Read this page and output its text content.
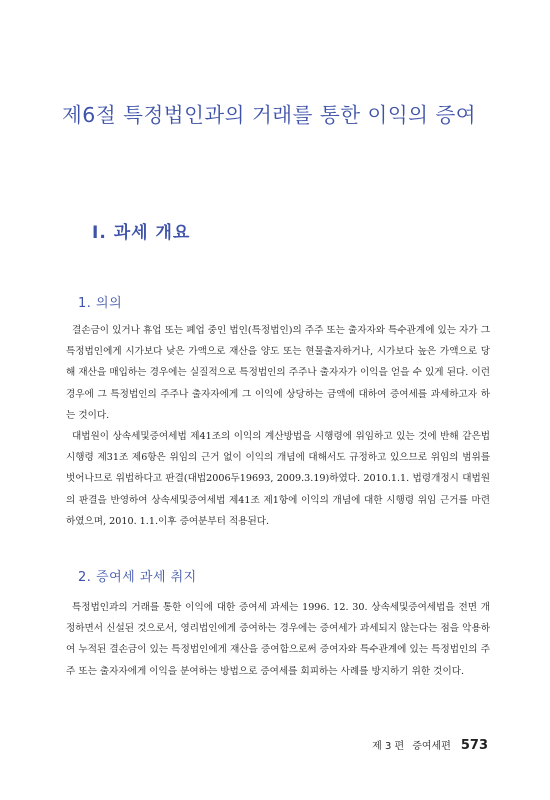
제6절 특정법인과의 거래를 통한 이익의 증여
Ⅰ. 과세 개요
1. 의의

결손금이 있거나 휴업 또는 폐업 중인 법인(특정법인)의 주주 또는 출자자와 특수관계에 있는 자가 그 특정법인에게 시가보다 낮은 가액으로 재산을 양도 또는 현물출자하거나, 시가보다 높은 가액으로 당해 재산을 매입하는 경우에는 실질적으로 특정법인의 주주나 출자자가 이익을 얻을 수 있게 된다. 이런 경우에 그 특정법인의 주주나 출자자에게 그 이익에 상당하는 금액에 대하여 증여세를 과세하고자 하는 것이다.

대법원이 상속세및증여세법 제41조의 이익의 계산방법을 시행령에 위임하고 있는 것에 반해 같은법 시행령 제31조 제6항은 위임의 근거 없이 이익의 개념에 대해서도 규정하고 있으므로 위임의 범위를 벗어나므로 위법하다고 판결(대법2006두19693, 2009.3.19)하였다. 2010.1.1. 법령개정시 대법원의 판결을 반영하여 상속세및증여세법 제41조 제1항에 이익의 개념에 대한 시행령 위임 근거를 마련하였으며, 2010. 1.1.이후 증여분부터 적용된다.

2. 증여세 과세 취지

특정법인과의 거래를 통한 이익에 대한 증여세 과세는 1996. 12. 30. 상속세및증여세법을 전면 개정하면서 신설된 것으로서, 영리법인에게 증여하는 경우에는 증여세가 과세되지 않는다는 점을 악용하여 누적된 결손금이 있는 특정법인에게 재산을 증여함으로써 증여자와 특수관계에 있는 특정법인의 주주 또는 출자자에게 이익을 분여하는 방법으로 증여세를 회피하는 사례를 방지하기 위한 것이다.

제 3 편 증여세편 573
